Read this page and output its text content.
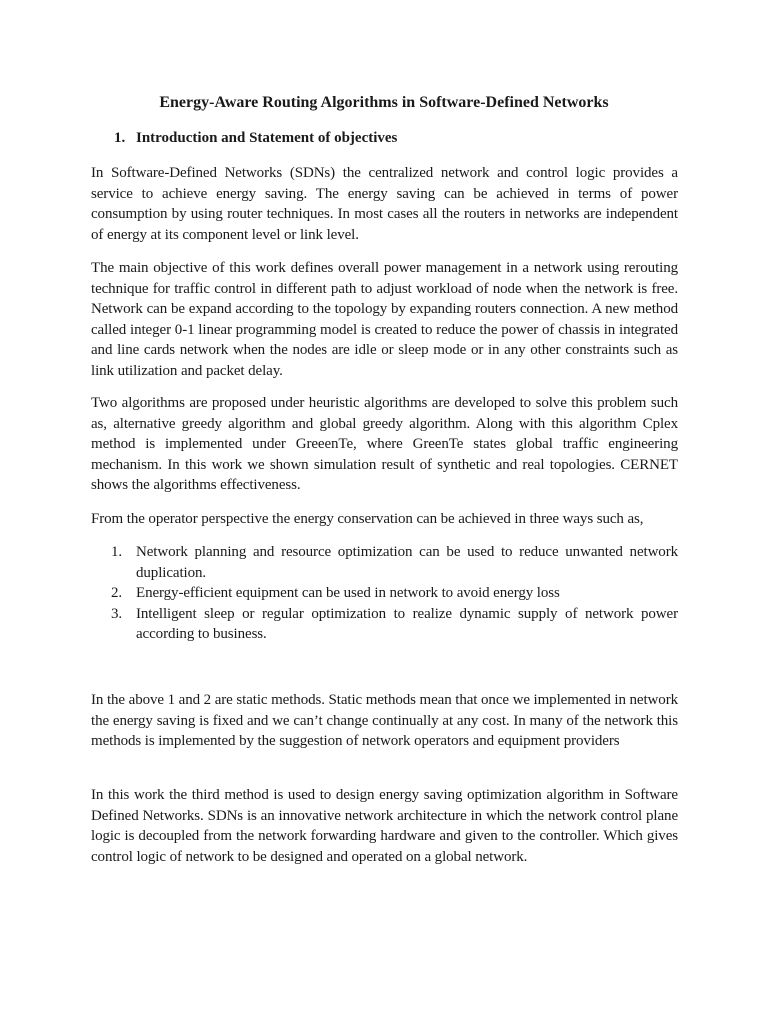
Energy-Aware Routing Algorithms in Software-Defined Networks
1. Introduction and Statement of objectives

In Software-Defined Networks (SDNs) the centralized network and control logic provides a service to achieve energy saving. The energy saving can be achieved in terms of power consumption by using router techniques. In most cases all the routers in networks are independent of energy at its component level or link level.

The main objective of this work defines overall power management in a network using rerouting technique for traffic control in different path to adjust workload of node when the network is free. Network can be expand according to the topology by expanding routers connection. A new method called integer 0-1 linear programming model is created to reduce the power of chassis in integrated and line cards network when the nodes are idle or sleep mode or in any other constraints such as link utilization and packet delay.

Two algorithms are proposed under heuristic algorithms are developed to solve this problem such as, alternative greedy algorithm and global greedy algorithm. Along with this algorithm Cplex method is implemented under GreeenTe, where GreenTe states global traffic engineering mechanism. In this work we shown simulation result of synthetic and real topologies. CERNET shows the algorithms effectiveness.

From the operator perspective the energy conservation can be achieved in three ways such as,

1. Network planning and resource optimization can be used to reduce unwanted network duplication.
2. Energy-efficient equipment can be used in network to avoid energy loss
3. Intelligent sleep or regular optimization to realize dynamic supply of network power according to business.

In the above 1 and 2 are static methods. Static methods mean that once we implemented in network the energy saving is fixed and we can’t change continually at any cost. In many of the network this methods is implemented by the suggestion of network operators and equipment providers

In this work the third method is used to design energy saving optimization algorithm in Software Defined Networks. SDNs is an innovative network architecture in which the network control plane logic is decoupled from the network forwarding hardware and given to the controller. Which gives control logic of network to be designed and operated on a global network.
